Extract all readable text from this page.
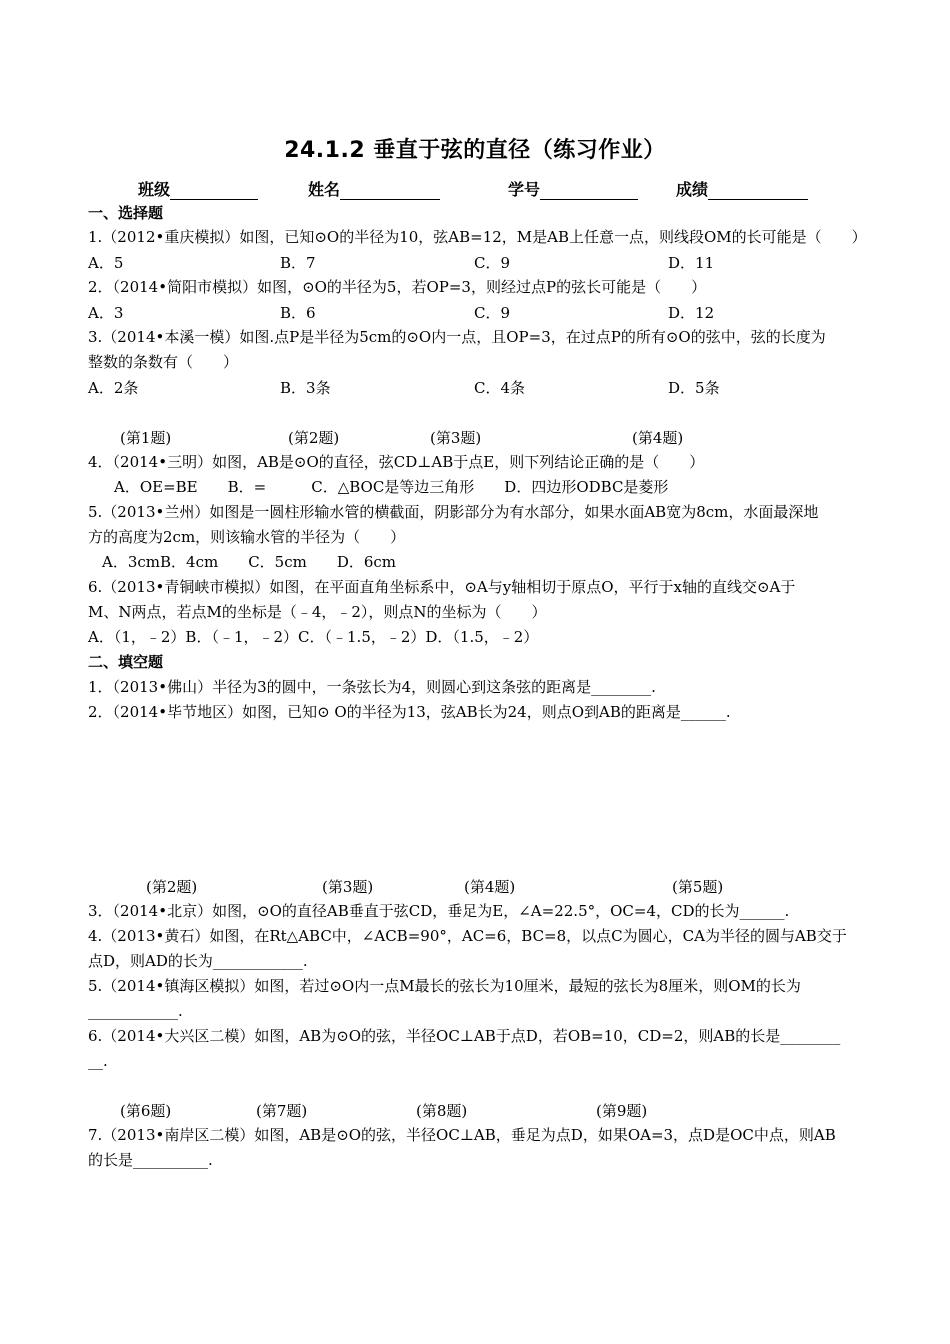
24.1.2 垂直于弦的直径（练习作业）
班级	姓名	学号	成绩
一、选择题
1.（2012•重庆模拟）如图，已知⊙O的半径为10，弦AB=12，M是AB上任意一点，则线段OM的长可能是（　　）
A．5	B．7	C．9	D．11
2．（2014•简阳市模拟）如图，⊙O的半径为5，若OP=3，则经过点P的弦长可能是（　　）
A．3	B．6	C．9	D．12
3.（2014•本溪一模）如图.点P是半径为5cm的⊙O内一点，且OP=3，在过点P的所有⊙O的弦中，弦的长度为
整数的条数有（　　）
A．2条	B．3条	C．4条	D．5条
(第1题)	(第2题)	(第3题)	(第4题)
4．（2014•三明）如图，AB是⊙O的直径，弦CD⊥AB于点E，则下列结论正确的是（　　）
A．OE=BE　　B．=　　　C．△BOC是等边三角形　　D．四边形ODBC是菱形
5.（2013•兰州）如图是一圆柱形输水管的横截面，阴影部分为有水部分，如果水面AB宽为8cm，水面最深地
方的高度为2cm，则该输水管的半径为（　　）
A．3cmB．4cm　　C．5cm　　D．6cm
6.（2013•青铜峡市模拟）如图，在平面直角坐标系中，⊙A与y轴相切于原点O，平行于x轴的直线交⊙A于
M、N两点，若点M的坐标是（﹣4，﹣2），则点N的坐标为（　　）
A．（1，﹣2）B．（﹣1，﹣2）C．（﹣1.5，﹣2）D．（1.5，﹣2）
二、填空题
1．（2013•佛山）半径为3的圆中，一条弦长为4，则圆心到这条弦的距离是________.
2．（2014•毕节地区）如图，已知⊙ O的半径为13，弦AB长为24，则点O到AB的距离是______.
(第2题)	(第3题)	(第4题)	(第5题)
3．（2014•北京）如图，⊙O的直径AB垂直于弦CD，垂足为E，∠A=22.5°，OC=4，CD的长为______.
4.（2013•黄石）如图，在Rt△ABC中，∠ACB=90°，AC=6，BC=8，以点C为圆心，CA为半径的圆与AB交于
点D，则AD的长为____________.
5.（2014•镇海区模拟）如图，若过⊙O内一点M最长的弦长为10厘米，最短的弦长为8厘米，则OM的长为
____________.
6.（2014•大兴区二模）如图，AB为⊙O的弦，半径OC⊥AB于点D，若OB=10，CD=2，则AB的长是________
__.
(第6题)	(第7题)	(第8题)	(第9题)
7.（2013•南岸区二模）如图，AB是⊙O的弦，半径OC⊥AB，垂足为点D，如果OA=3，点D是OC中点，则AB
的长是__________.
